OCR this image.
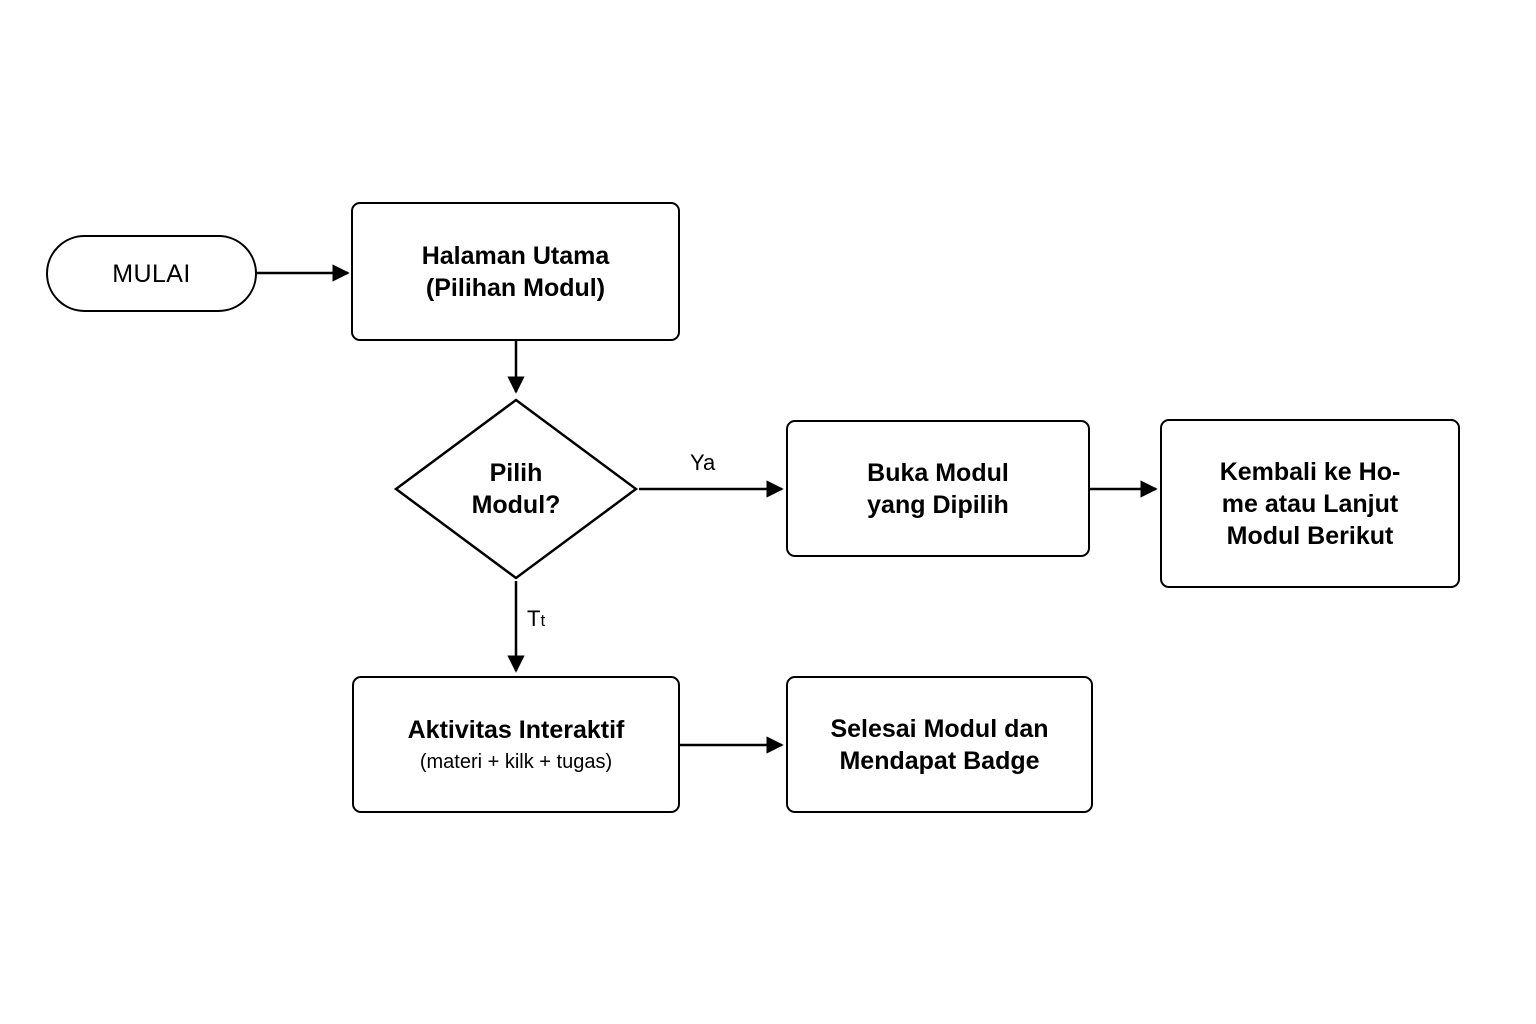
MULAI
Halaman Utama
(Pilihan Modul)
Pilih
Modul?
Ya
Tt
Buka Modul
yang Dipilih
Kembali ke Ho-
me atau Lanjut
Modul Berikut
Aktivitas Interaktif
(materi + kilk + tugas)
Selesai Modul dan
Mendapat Badge
